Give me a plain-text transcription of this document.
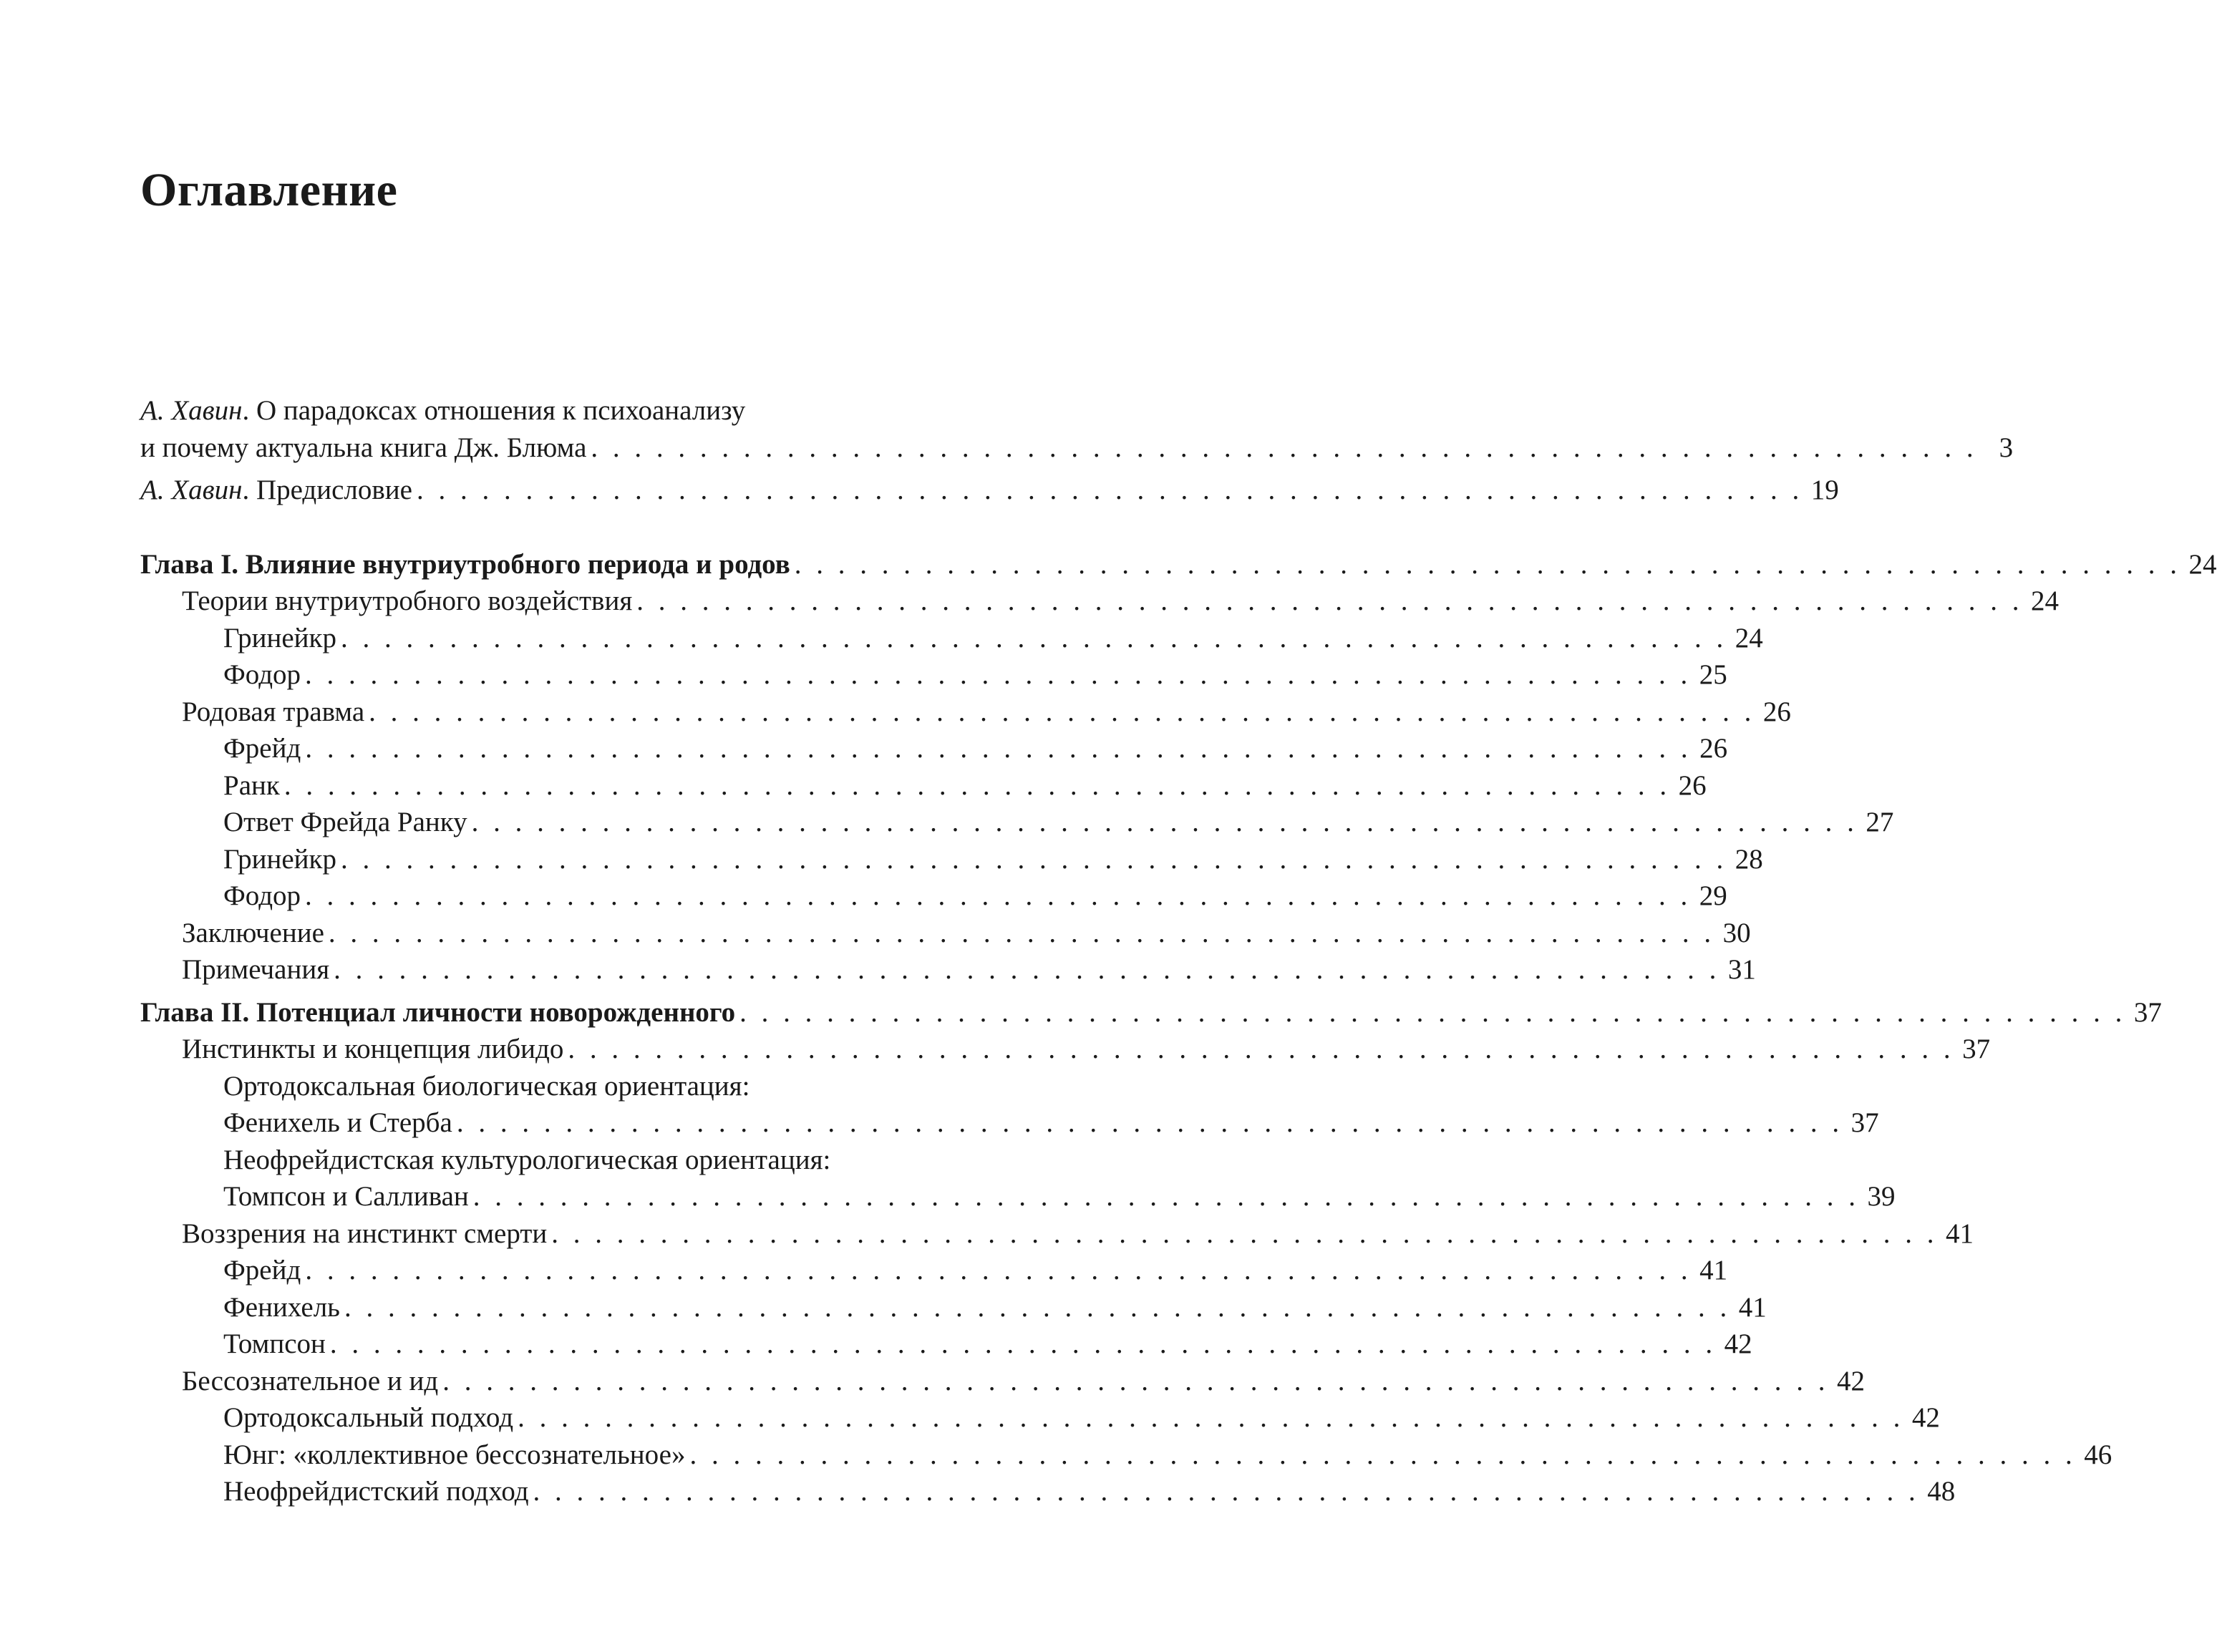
Оглавление
А. Хавин. О парадоксах отношения к психоанализу
и почему актуальна книга Дж. Блюма . . . . . . . . . . . . . . . . . . . . . . . . . . . . . . . . . . . . . . . . . . . . . . . . . . . . . . . . . . . . . . . . 3
А. Хавин. Предисловие . . . . . . . . . . . . . . . . . . . . . . . . . . . . . . . . . . . . . . . . . . . . . . . . . . . . . . . . . . . . . . . . 19
Глава I. Влияние внутриутробного периода и родов . . . . . . . . . . . . . . . . . . . . . . . . . . . . . . . . . . . . . . . . . . . . . . . . . . . . . . . . . . . . . . . . 24
Теории внутриутробного воздействия . . . . . . . . . . . . . . . . . . . . . . . . . . . . . . . . . . . . . . . . . . . . . . . . . . . . . . . . . . . . . . . . 24
Гринейкр . . . . . . . . . . . . . . . . . . . . . . . . . . . . . . . . . . . . . . . . . . . . . . . . . . . . . . . . . . . . . . . . 24
Фодор . . . . . . . . . . . . . . . . . . . . . . . . . . . . . . . . . . . . . . . . . . . . . . . . . . . . . . . . . . . . . . . . 25
Родовая травма . . . . . . . . . . . . . . . . . . . . . . . . . . . . . . . . . . . . . . . . . . . . . . . . . . . . . . . . . . . . . . . . 26
Фрейд . . . . . . . . . . . . . . . . . . . . . . . . . . . . . . . . . . . . . . . . . . . . . . . . . . . . . . . . . . . . . . . . 26
Ранк . . . . . . . . . . . . . . . . . . . . . . . . . . . . . . . . . . . . . . . . . . . . . . . . . . . . . . . . . . . . . . . . 26
Ответ Фрейда Ранку . . . . . . . . . . . . . . . . . . . . . . . . . . . . . . . . . . . . . . . . . . . . . . . . . . . . . . . . . . . . . . . . 27
Гринейкр . . . . . . . . . . . . . . . . . . . . . . . . . . . . . . . . . . . . . . . . . . . . . . . . . . . . . . . . . . . . . . . . 28
Фодор . . . . . . . . . . . . . . . . . . . . . . . . . . . . . . . . . . . . . . . . . . . . . . . . . . . . . . . . . . . . . . . . 29
Заключение . . . . . . . . . . . . . . . . . . . . . . . . . . . . . . . . . . . . . . . . . . . . . . . . . . . . . . . . . . . . . . . . 30
Примечания . . . . . . . . . . . . . . . . . . . . . . . . . . . . . . . . . . . . . . . . . . . . . . . . . . . . . . . . . . . . . . . . 31
Глава II. Потенциал личности новорожденного . . . . . . . . . . . . . . . . . . . . . . . . . . . . . . . . . . . . . . . . . . . . . . . . . . . . . . . . . . . . . . . . 37
Инстинкты и концепция либидо . . . . . . . . . . . . . . . . . . . . . . . . . . . . . . . . . . . . . . . . . . . . . . . . . . . . . . . . . . . . . . . . 37
Ортодоксальная биологическая ориентация:
Фенихель и Стерба . . . . . . . . . . . . . . . . . . . . . . . . . . . . . . . . . . . . . . . . . . . . . . . . . . . . . . . . . . . . . . . . 37
Неофрейдистская культурологическая ориентация:
Томпсон и Салливан . . . . . . . . . . . . . . . . . . . . . . . . . . . . . . . . . . . . . . . . . . . . . . . . . . . . . . . . . . . . . . . . 39
Воззрения на инстинкт смерти . . . . . . . . . . . . . . . . . . . . . . . . . . . . . . . . . . . . . . . . . . . . . . . . . . . . . . . . . . . . . . . . 41
Фрейд . . . . . . . . . . . . . . . . . . . . . . . . . . . . . . . . . . . . . . . . . . . . . . . . . . . . . . . . . . . . . . . . 41
Фенихель . . . . . . . . . . . . . . . . . . . . . . . . . . . . . . . . . . . . . . . . . . . . . . . . . . . . . . . . . . . . . . . . 41
Томпсон . . . . . . . . . . . . . . . . . . . . . . . . . . . . . . . . . . . . . . . . . . . . . . . . . . . . . . . . . . . . . . . . 42
Бессознательное и ид . . . . . . . . . . . . . . . . . . . . . . . . . . . . . . . . . . . . . . . . . . . . . . . . . . . . . . . . . . . . . . . . 42
Ортодоксальный подход . . . . . . . . . . . . . . . . . . . . . . . . . . . . . . . . . . . . . . . . . . . . . . . . . . . . . . . . . . . . . . . . 42
Юнг: «коллективное бессознательное» . . . . . . . . . . . . . . . . . . . . . . . . . . . . . . . . . . . . . . . . . . . . . . . . . . . . . . . . . . . . . . . . 46
Неофрейдистский подход . . . . . . . . . . . . . . . . . . . . . . . . . . . . . . . . . . . . . . . . . . . . . . . . . . . . . . . . . . . . . . . . 48
